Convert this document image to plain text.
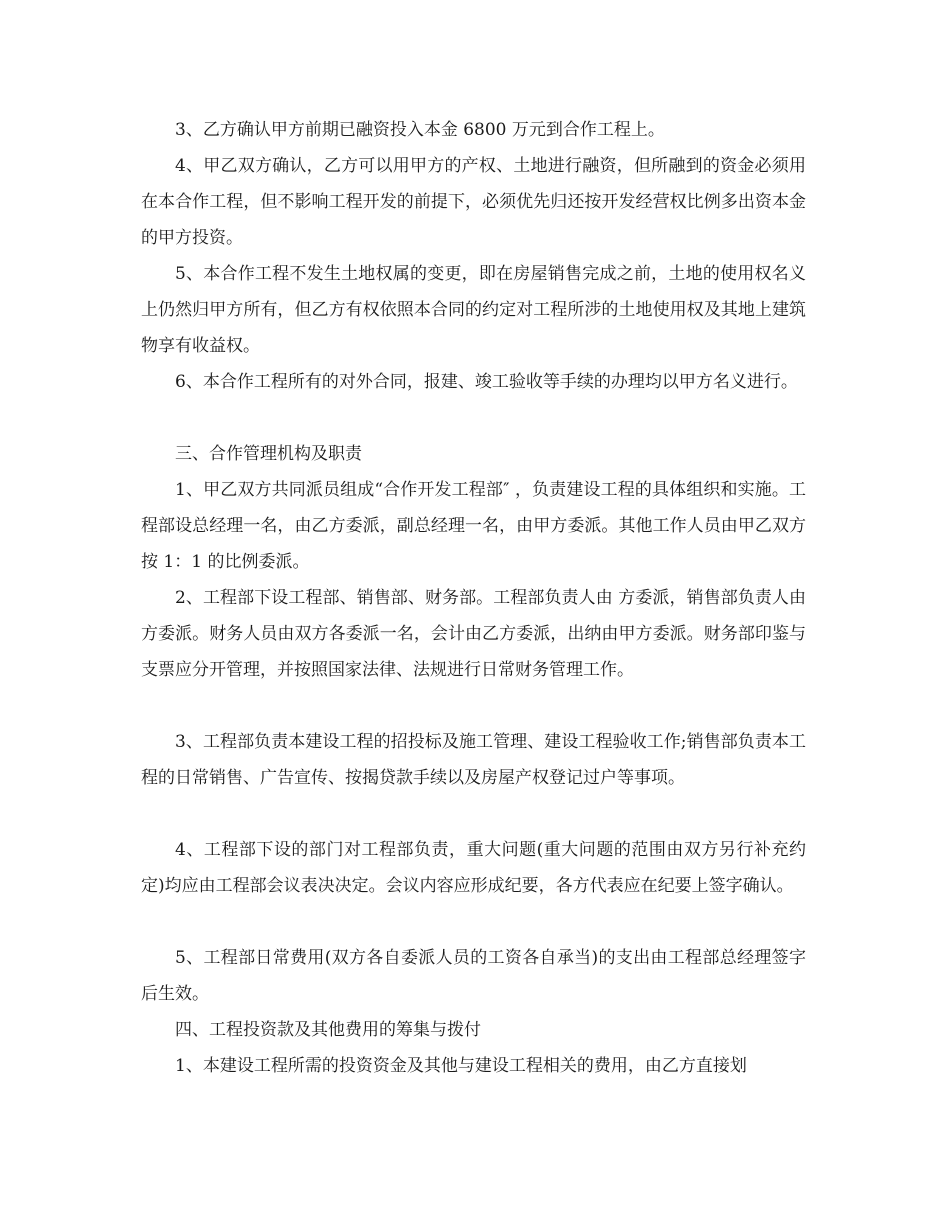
3、乙方确认甲方前期已融资投入本金 6800 万元到合作工程上。

4、甲乙双方确认，乙方可以用甲方的产权、土地进行融资，但所融到的资金必须用在本合作工程，但不影响工程开发的前提下，必须优先归还按开发经营权比例多出资本金的甲方投资。

5、本合作工程不发生土地权属的变更，即在房屋销售完成之前，土地的使用权名义上仍然归甲方所有，但乙方有权依照本合同的约定对工程所涉的土地使用权及其地上建筑物享有收益权。

6、本合作工程所有的对外合同，报建、竣工验收等手续的办理均以甲方名义进行。

三、合作管理机构及职责

1、甲乙双方共同派员组成“合作开发工程部″ ，负责建设工程的具体组织和实施。工程部设总经理一名，由乙方委派，副总经理一名，由甲方委派。其他工作人员由甲乙双方按 1：1 的比例委派。

2、工程部下设工程部、销售部、财务部。工程部负责人由 方委派，销售部负责人由 方委派。财务人员由双方各委派一名，会计由乙方委派，出纳由甲方委派。财务部印鉴与支票应分开管理，并按照国家法律、法规进行日常财务管理工作。

3、工程部负责本建设工程的招投标及施工管理、建设工程验收工作;销售部负责本工程的日常销售、广告宣传、按揭贷款手续以及房屋产权登记过户等事项。

4、工程部下设的部门对工程部负责，重大问题(重大问题的范围由双方另行补充约定)均应由工程部会议表决决定。会议内容应形成纪要，各方代表应在纪要上签字确认。

5、工程部日常费用(双方各自委派人员的工资各自承当)的支出由工程部总经理签字后生效。

四、工程投资款及其他费用的筹集与拨付

1、本建设工程所需的投资资金及其他与建设工程相关的费用，由乙方直接划
